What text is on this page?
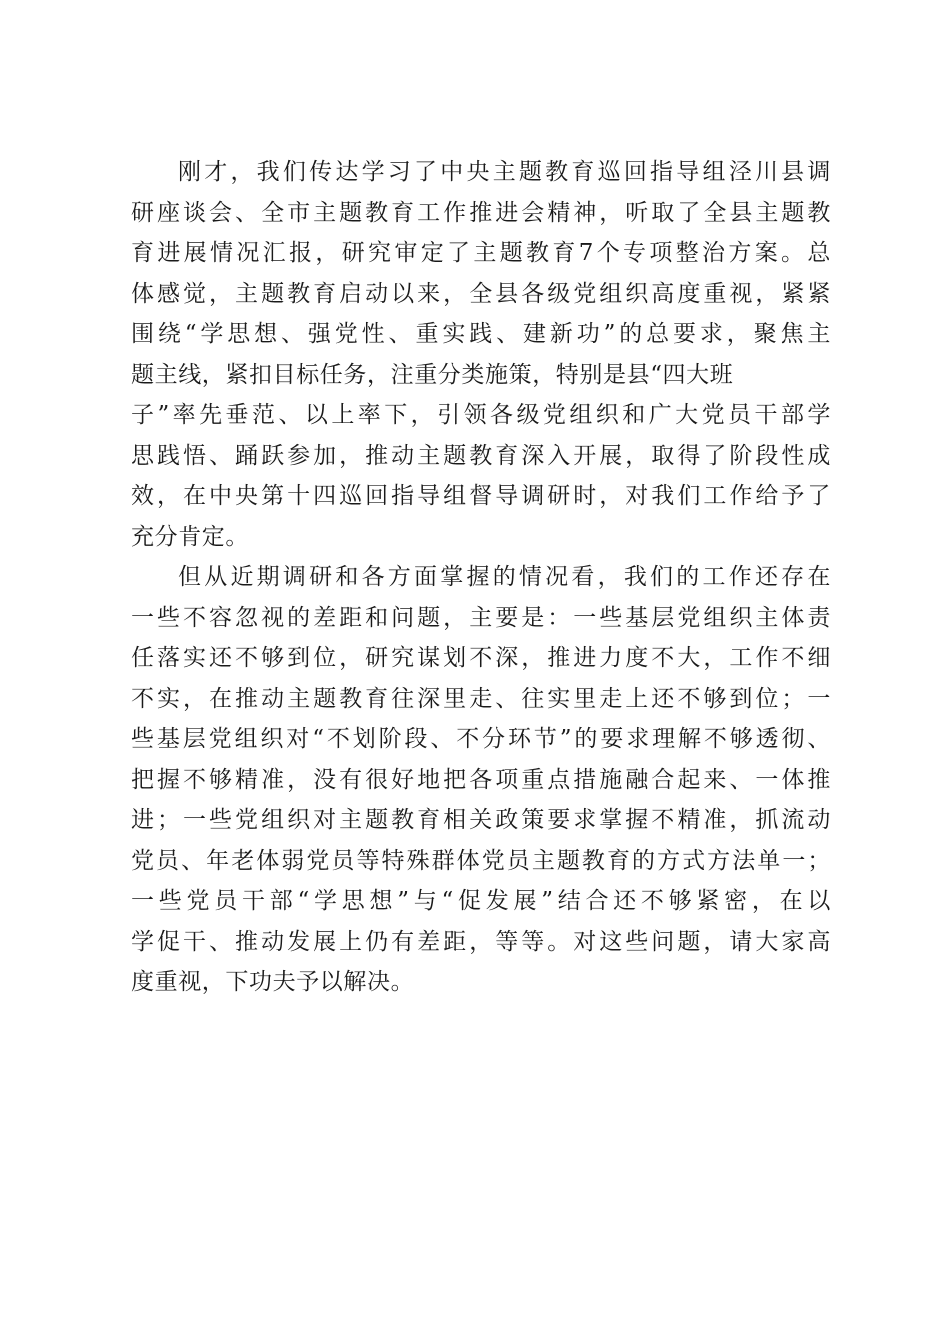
刚才，我们传达学习了中央主题教育巡回指导组泾川县调
研座谈会、全市主题教育工作推进会精神，听取了全县主题教
育进展情况汇报，研究审定了主题教育7个专项整治方案。总
体感觉，主题教育启动以来，全县各级党组织高度重视，紧紧
围绕“学思想、强党性、重实践、建新功”的总要求，聚焦主
题主线，紧扣目标任务，注重分类施策，特别是县“四大班
子”率先垂范、以上率下，引领各级党组织和广大党员干部学
思践悟、踊跃参加，推动主题教育深入开展，取得了阶段性成
效，在中央第十四巡回指导组督导调研时，对我们工作给予了
充分肯定。
但从近期调研和各方面掌握的情况看，我们的工作还存在
一些不容忽视的差距和问题，主要是：一些基层党组织主体责
任落实还不够到位，研究谋划不深，推进力度不大，工作不细
不实，在推动主题教育往深里走、往实里走上还不够到位；一
些基层党组织对“不划阶段、不分环节”的要求理解不够透彻、
把握不够精准，没有很好地把各项重点措施融合起来、一体推
进；一些党组织对主题教育相关政策要求掌握不精准，抓流动
党员、年老体弱党员等特殊群体党员主题教育的方式方法单一；
一些党员干部“学思想”与“促发展”结合还不够紧密，在以
学促干、推动发展上仍有差距，等等。对这些问题，请大家高
度重视，下功夫予以解决。
